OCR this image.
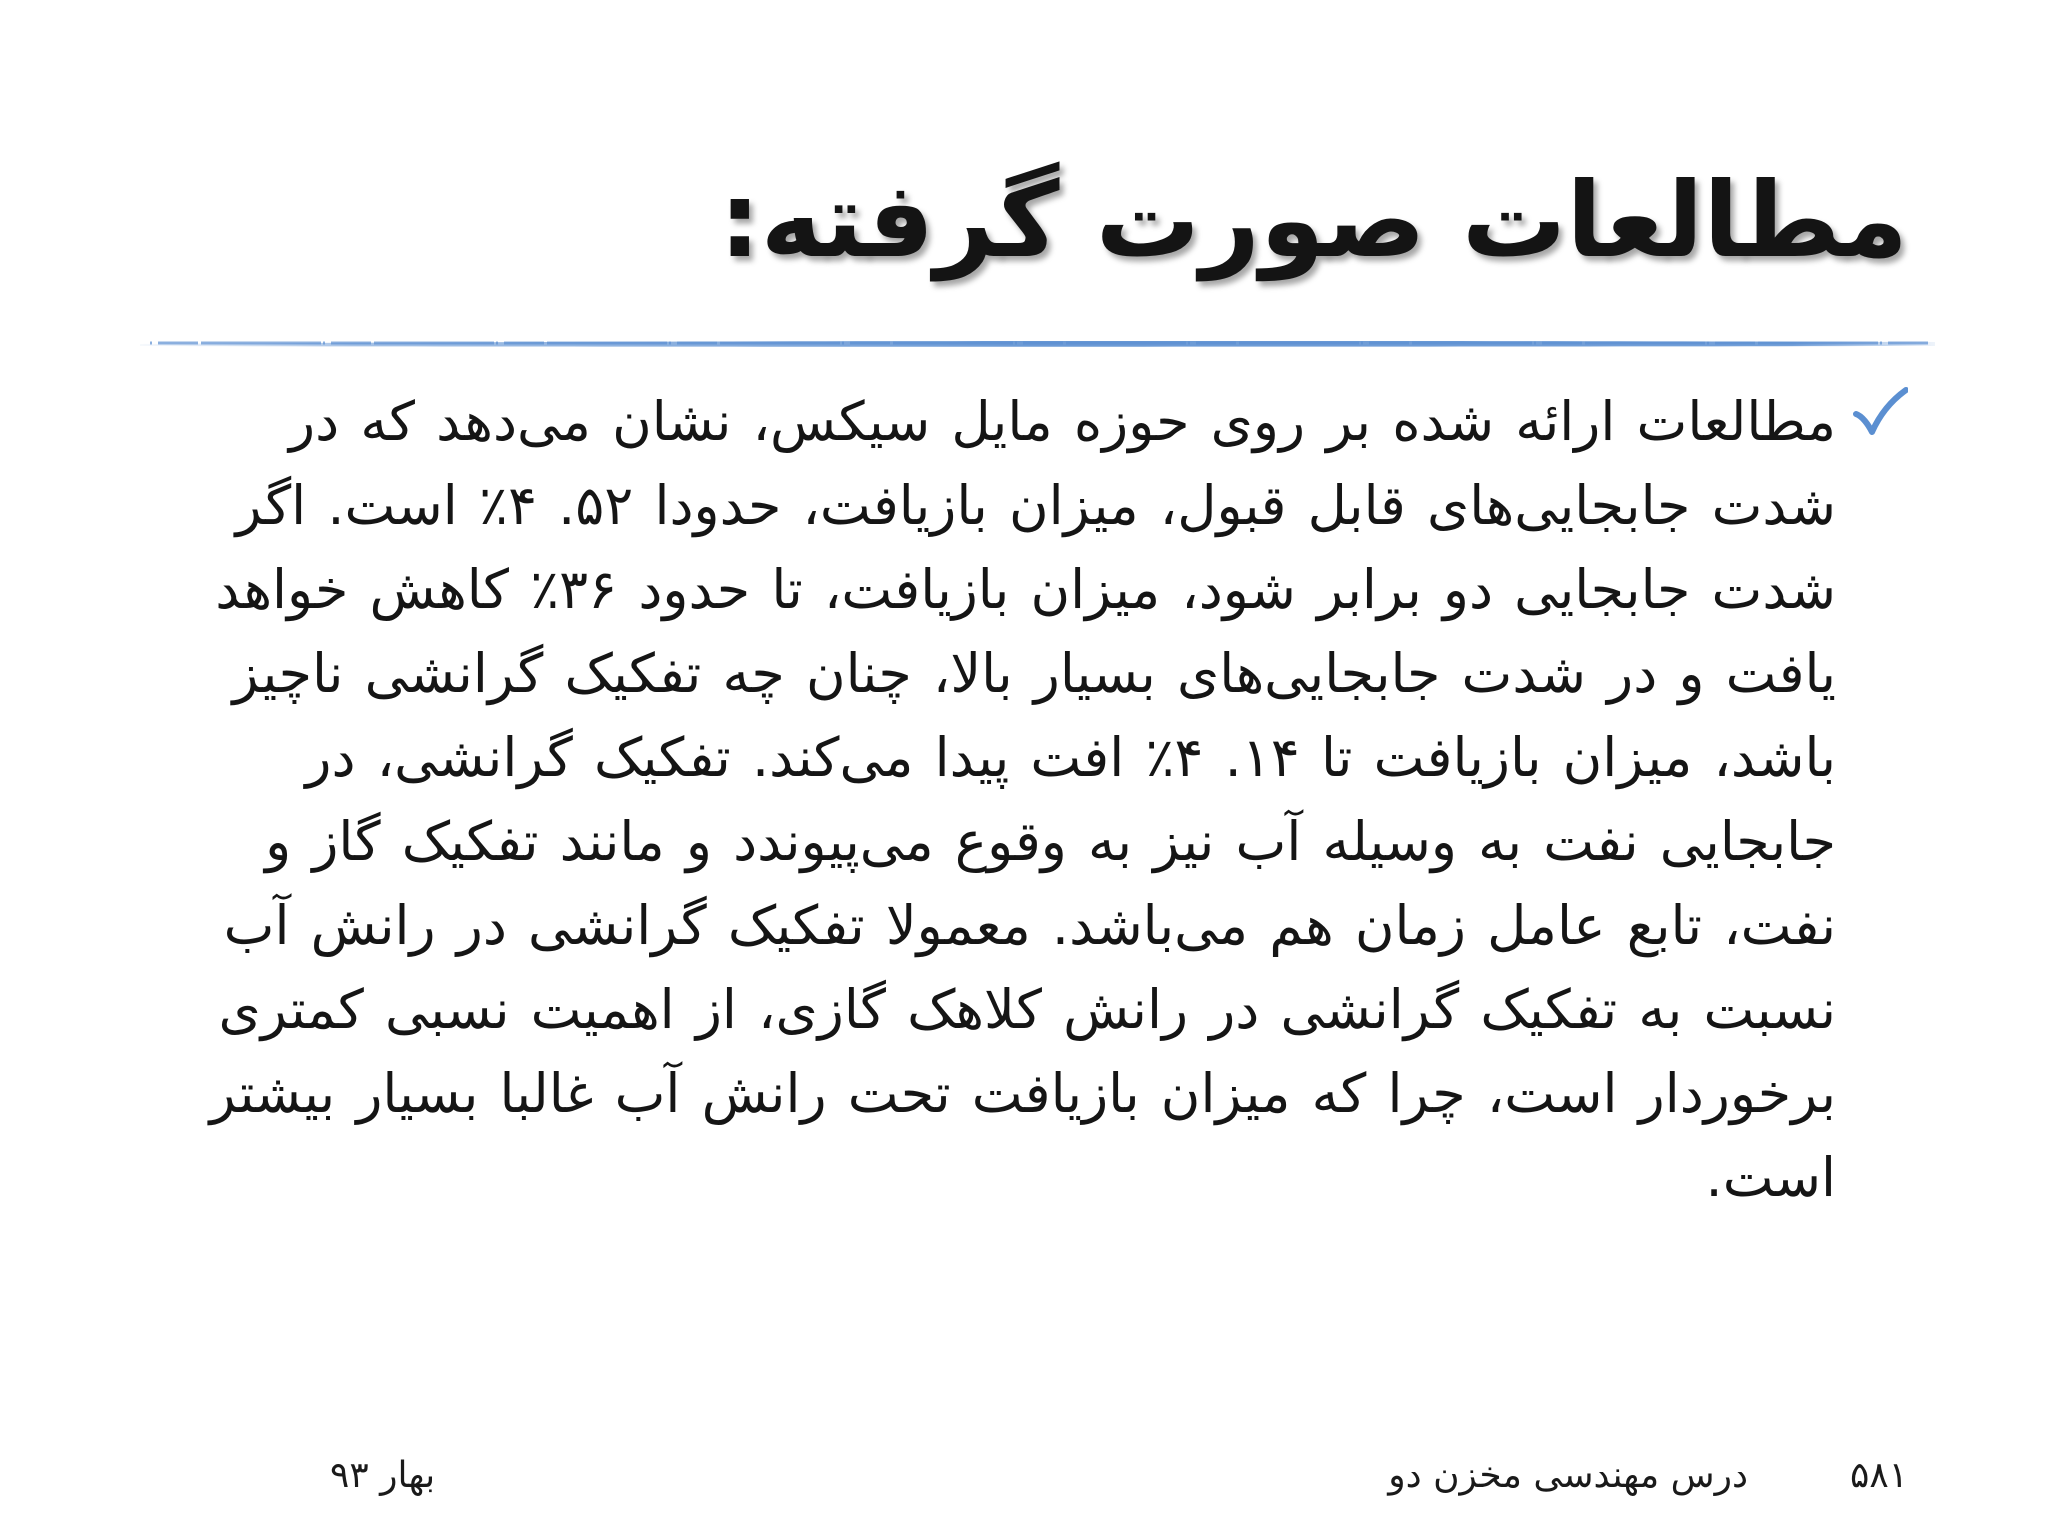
مطالعات صورت گرفته:
مطالعات ارائه شده بر روی حوزه مایل سیکس، نشان می‌دهد که در شدت جابجایی‌های قابل قبول، میزان بازیافت، حدودا ۵۲. ۴٪ است. اگر شدت جابجایی دو برابر شود، میزان بازیافت، تا حدود ۳۶٪ کاهش خواهد یافت و در شدت جابجایی‌های بسیار بالا، چنان چه تفکیک گرانشی ناچیز باشد، میزان بازیافت تا ۱۴. ۴٪ افت پیدا می‌کند. تفکیک گرانشی، در جابجایی نفت به وسیله آب نیز به وقوع می‌پیوندد و مانند تفکیک گاز و نفت، تابع عامل زمان هم می‌باشد. معمولا تفکیک گرانشی در رانش آب نسبت به تفکیک گرانشی در رانش کلاهک گازی، از اهمیت نسبی کمتری برخوردار است، چرا که میزان بازیافت تحت رانش آب غالبا بسیار بیشتر است.
۵۸۱
درس مهندسی مخزن دو
بهار ۹۳
